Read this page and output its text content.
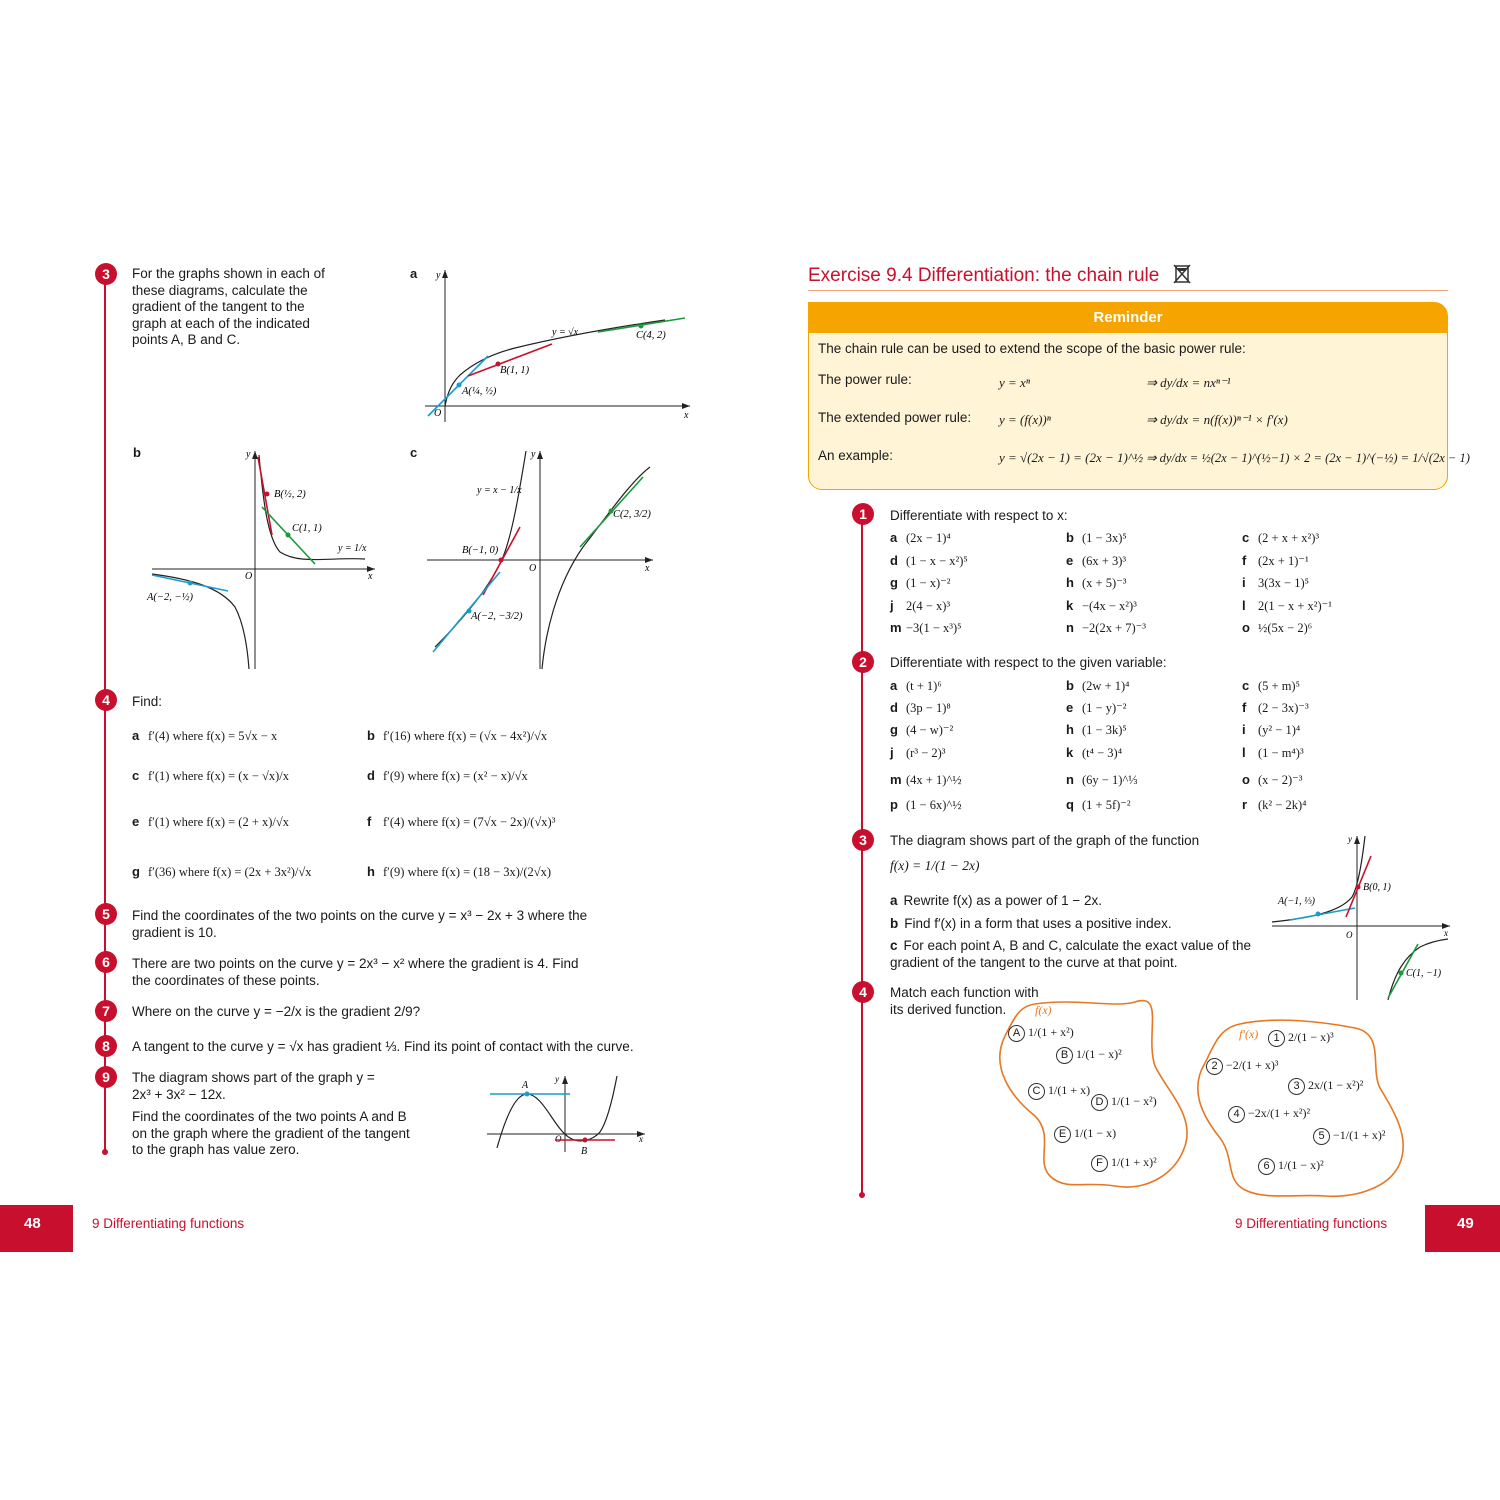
3	For the graphs shown in each of these diagrams, calculate the gradient of the tangent to the graph at each of the indicated points A, B and C.
a y
x
O
y = √x
B(1, 1)
C(4, 2)
A(¼, ½)
b	y
x
O
B(½, 2)
C(1, 1)
y = 1/x
A(−2, −½)
c	y
x
O
y = x − 1/x
B(−1, 0)
C(2, 3/2)
A(−2, −3/2)
4	Find:
a f′(4) where f(x) = 5√x − x	b f′(16) where f(x) = (√x − 4x²)/√x
c f′(1) where f(x) = (x − √x)/x	d f′(9) where f(x) = (x² − x)/√x
e f′(1) where f(x) = (2 + x)/√x	f f′(4) where f(x) = (7√x − 2x)/(√x)³
g f′(36) where f(x) = (2x + 3x²)/√x	h f′(9) where f(x) = (18 − 3x)/(2√x)
5	Find the coordinates of the two points on the curve y = x³ − 2x + 3 where the gradient is 10.
6	There are two points on the curve y = 2x³ − x² where the gradient is 4. Find the coordinates of these points.
7	Where on the curve y = −2/x is the gradient 2/9?
8	A tangent to the curve y = √x has gradient ⅓. Find its point of contact with the curve.
9	The diagram shows part of the graph y = 2x³ + 3x² − 12x.
Find the coordinates of the two points A and B on the graph where the gradient of the tangent to the graph has value zero.
y
x
O
A
B
48	9 Differentiating functions
Exercise 9.4 Differentiation: the chain rule
Reminder
The chain rule can be used to extend the scope of the basic power rule:
The power rule:	y = xⁿ	⇒ dy/dx = nxⁿ⁻¹
The extended power rule: y = (f(x))ⁿ	⇒ dy/dx = n(f(x))ⁿ⁻¹ × f′(x)
An example:	y = √(2x − 1) = (2x − 1)^½ ⇒ dy/dx = ½(2x − 1)^(½−1) × 2 = (2x − 1)^(−½) = 1/√(2x − 1)
1	Differentiate with respect to x:
a (2x − 1)⁴	b (1 − 3x)⁵	c (2 + x + x²)³
d (1 − x − x²)⁵	e (6x + 3)³	f (2x + 1)⁻¹
g (1 − x)⁻²	h (x + 5)⁻³	i 3(3x − 1)⁵
j 2(4 − x)³	k −(4x − x²)³	l 2(1 − x + x²)⁻¹
m −3(1 − x³)⁵	n −2(2x + 7)⁻³	o ½(5x − 2)⁶
2	Differentiate with respect to the given variable:
a (t + 1)⁶	b (2w + 1)⁴	c (5 + m)⁵
d (3p − 1)⁸	e (1 − y)⁻²	f (2 − 3x)⁻³
g (4 − w)⁻²	h (1 − 3k)⁵	i (y² − 1)⁴
j (r³ − 2)³	k (t⁴ − 3)⁴	l (1 − m⁴)³
m (4x + 1)^½	n (6y − 1)^⅓	o (x − 2)⁻³
p (1 − 6x)^½	q (1 + 5f)⁻²	r (k² − 2k)⁴
3	The diagram shows part of the graph of the function
f(x) = 1/(1 − 2x)
a Rewrite f(x) as a power of 1 − 2x.
b Find f′(x) in a form that uses a positive index.
c For each point A, B and C, calculate the exact value of the gradient of the tangent to the curve at that point.
y
x
O
A(−1, ⅓)
B(0, 1)
C(1, −1)
4	Match each function with its derived function.	f(x)
f′(x)
A 1/(1 + x²)
B 1/(1 − x)²
C 1/(1 + x)
D 1/(1 − x²)
E 1/(1 − x)
F 1/(1 + x)²
1 2/(1 − x)³
2 −2/(1 + x)³
3 2x/(1 − x²)²
4 −2x/(1 + x²)²
5 −1/(1 + x)²
6 1/(1 − x)²
9 Differentiating functions	49
